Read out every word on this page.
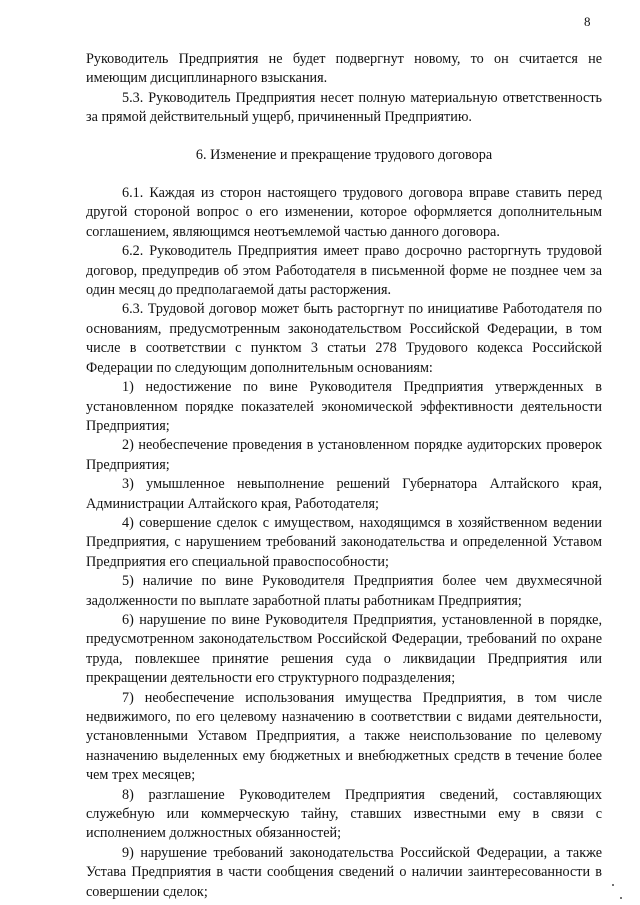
8

Руководитель Предприятия не будет подвергнут новому, то он считается не имеющим дисциплинарного взыскания.

5.3. Руководитель Предприятия несет полную материальную ответственность за прямой действительный ущерб, причиненный Предприятию.

6. Изменение и прекращение трудового договора

6.1. Каждая из сторон настоящего трудового договора вправе ставить перед другой стороной вопрос о его изменении, которое оформляется дополнительным соглашением, являющимся неотъемлемой частью данного договора.

6.2. Руководитель Предприятия имеет право досрочно расторгнуть трудовой договор, предупредив об этом Работодателя в письменной форме не позднее чем за один месяц до предполагаемой даты расторжения.

6.3. Трудовой договор может быть расторгнут по инициативе Работодателя по основаниям, предусмотренным законодательством Российской Федерации, в том числе в соответствии с пунктом 3 статьи 278 Трудового кодекса Российской Федерации по следующим дополнительным основаниям:

1) недостижение по вине Руководителя Предприятия утвержденных в установленном порядке показателей экономической эффективности деятельности Предприятия;

2) необеспечение проведения в установленном порядке аудиторских проверок Предприятия;

3) умышленное невыполнение решений Губернатора Алтайского края, Администрации Алтайского края, Работодателя;

4) совершение сделок с имуществом, находящимся в хозяйственном ведении Предприятия, с нарушением требований законодательства и определенной Уставом Предприятия его специальной правоспособности;

5) наличие по вине Руководителя Предприятия более чем двухмесячной задолженности по выплате заработной платы работникам Предприятия;

6) нарушение по вине Руководителя Предприятия, установленной в порядке, предусмотренном законодательством Российской Федерации, требований по охране труда, повлекшее принятие решения суда о ликвидации Предприятия или прекращении деятельности его структурного подразделения;

7) необеспечение использования имущества Предприятия, в том числе недвижимого, по его целевому назначению в соответствии с видами деятельности, установленными Уставом Предприятия, а также неиспользование по целевому назначению выделенных ему бюджетных и внебюджетных средств в течение более чем трех месяцев;

8) разглашение Руководителем Предприятия сведений, составляющих служебную или коммерческую тайну, ставших известными ему в связи с исполнением должностных обязанностей;

9) нарушение требований законодательства Российской Федерации, а также Устава Предприятия в части сообщения сведений о наличии заинтересованности в совершении сделок;
